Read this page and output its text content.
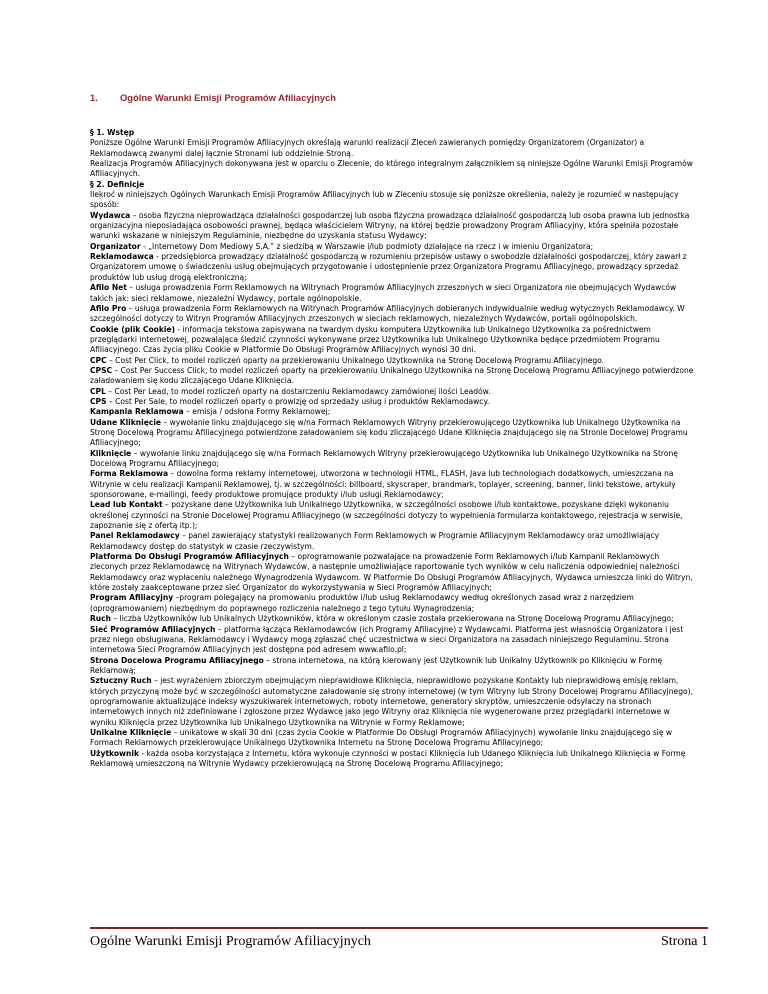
1. Ogólne Warunki Emisji Programów Afiliacyjnych

§ 1. Wstęp

Poniższe Ogólne Warunki Emisji Programów Afiliacyjnych określają warunki realizacji Zleceń zawieranych pomiędzy Organizatorem (Organizator) a Reklamodawcą zwanymi dalej łącznie Stronami lub oddzielnie Stroną.

Realizacja Programów Afiliacyjnych dokonywana jest w oparciu o Zlecenie, do którego integralnym załącznikiem są niniejsze Ogólne Warunki Emisji Programów Afiliacyjnych.

§ 2. Definicje

Ilekroć w niniejszych Ogólnych Warunkach Emisji Programów Afiliacyjnych lub w Zleceniu stosuje się poniższe określenia, należy je rozumieć w następujący sposób:

Wydawca – osoba fizyczna nieprowadząca działalności gospodarczej lub osoba fizyczna prowadząca działalność gospodarczą lub osoba prawna lub jednostka organizacyjna nieposiadająca osobowości prawnej, będąca właścicielem Witryny, na której będzie prowadzony Program Afiliacyjny, która spełniła pozostałe warunki wskazane w niniejszym Regulaminie, niezbędne do uzyskania statusu Wydawcy;

Organizator - „Internetowy Dom Mediowy S.A.” z siedzibą w Warszawie i/lub podmioty działające na rzecz i w imieniu Organizatora;

Reklamodawca - przedsiębiorca prowadzący działalność gospodarczą w rozumieniu przepisów ustawy o swobodzie działalności gospodarczej, który zawarł z Organizatorem umowę o świadczeniu usług obejmujących przygotowanie i udostępnienie przez Organizatora Programu Afiliacyjnego, prowadzący sprzedaż produktów lub usług drogą elektroniczną;

Afilo Net – usługa prowadzenia Form Reklamowych na Witrynach Programów Afiliacyjnych zrzeszonych w sieci Organizatora nie obejmujących Wydawców takich jak: sieci reklamowe, niezależni Wydawcy, portale ogólnopolskie.

Afilo Pro – usługa prowadzenia Form Reklamowych na Witrynach Programów Afiliacyjnych dobieranych indywidualnie według wytycznych Reklamodawcy. W szczególności dotyczy to Witryn Programów Afiliacyjnych zrzeszonych w sieciach reklamowych, niezależnych Wydawców, portali ogólnopolskich.

Cookie (plik Cookie) - informacja tekstowa zapisywana na twardym dysku komputera Użytkownika lub Unikalnego Użytkownika za pośrednictwem przeglądarki internetowej, pozwalająca śledzić czynności wykonywane przez Użytkownika lub Unikalnego Użytkownika będące przedmiotem Programu Afiliacyjnego. Czas życia pliku Cookie w Platformie Do Obsługi Programów Afiliacyjnych wynosi 30 dni.

CPC – Cost Per Click, to model rozliczeń oparty na przekierowaniu Unikalnego Użytkownika na Stronę Docelową Programu Afiliacyjnego.

CPSC – Cost Per Success Click, to model rozliczeń oparty na przekierowaniu Unikalnego Użytkownika na Stronę Docelową Programu Afiliacyjnego potwierdzone załadowaniem się kodu zliczającego Udane Kliknięcia.

CPL – Cost Per Lead, to model rozliczeń oparty na dostarczeniu Reklamodawcy zamówionej ilości Leadów.

CPS – Cost Per Sale, to model rozliczeń oparty o prowizję od sprzedaży usług i produktów Reklamodawcy.

Kampania Reklamowa – emisja / odsłona Formy Reklamowej;

Udane Kliknięcie – wywołanie linku znajdującego się w/na Formach Reklamowych Witryny przekierowującego Użytkownika lub Unikalnego Użytkownika na Stronę Docelową Programu Afiliacyjnego potwierdzone załadowaniem się kodu zliczającego Udane Kliknięcia znajdującego się na Stronie Docelowej Programu Afiliacyjnego;

Kliknięcie – wywołanie linku znajdującego się w/na Formach Reklamowych Witryny przekierowującego Użytkownika lub Unikalnego Użytkownika na Stronę Docelową Programu Afiliacyjnego;

Forma Reklamowa – dowolna forma reklamy internetowej, utworzona w technologii HTML, FLASH, Java lub technologiach dodatkowych, umieszczana na Witrynie w celu realizacji Kampanii Reklamowej, tj. w szczególności: billboard, skyscraper, brandmark, toplayer, screening, banner, linki tekstowe, artykuły sponsorowane, e-mailingi, feedy produktowe promujące produkty i/lub usługi Reklamodawcy;

Lead lub Kontakt – pozyskane dane Użytkownika lub Unikalnego Użytkownika, w szczególności osobowe i/lub kontaktowe, pozyskane dzięki wykonaniu określonej czynności na Stronie Docelowej Programu Afiliacyjnego (w szczególności dotyczy to wypełnienia formularza kontaktowego, rejestracja w serwisie, zapoznanie się z ofertą itp.);

Panel Reklamodawcy – panel zawierający statystyki realizowanych Form Reklamowych w Programie Afiliacyjnym Reklamodawcy oraz umożliwiający Reklamodawcy dostęp do statystyk w czasie rzeczywistym.

Platforma Do Obsługi Programów Afiliacyjnych – oprogramowanie pozwalające na prowadzenie Form Reklamowych i/lub Kampanii Reklamowych zleconych przez Reklamodawcę na Witrynach Wydawców, a następnie umożliwiające raportowanie tych wyników w celu naliczenia odpowiedniej należności Reklamodawcy oraz wypłaceniu należnego Wynagrodzenia Wydawcom. W Platformie Do Obsługi Programów Afiliacyjnych, Wydawca umieszcza linki do Witryn, które zostały zaakceptowane przez sieć Organizator do wykorzystywania w Sieci Programów Afiliacyjnych;

Program Afiliacyjny –program polegający na promowaniu produktów i/lub usług Reklamodawcy według określonych zasad wraz z narzędziem (oprogramowaniem) niezbędnym do poprawnego rozliczenia należnego z tego tytułu Wynagrodzenia;

Ruch – liczba Użytkowników lub Unikalnych Użytkowników, która w określonym czasie została przekierowana na Stronę Docelową Programu Afiliacyjnego;

Sieć Programów Afiliacyjnych – platforma łącząca Reklamodawców (ich Programy Afiliacyjne) z Wydawcami. Platforma jest własnością Organizatora i jest przez niego obsługiwana. Reklamodawcy i Wydawcy mogą zgłaszać chęć uczestnictwa w sieci Organizatora na zasadach niniejszego Regulaminu. Strona internetowa Sieci Programów Afiliacyjnych jest dostępna pod adresem www.afilo.pl;

Strona Docelowa Programu Afiliacyjnego – strona internetowa, na którą kierowany jest Użytkownik lub Unikalny Użytkownik po Kliknięciu w Formę Reklamową;

Sztuczny Ruch – jest wyrażeniem zbiorczym obejmującym nieprawidłowe Kliknięcia, nieprawidłowo pozyskane Kontakty lub nieprawidłową emisję reklam, których przyczyną może być w szczególności automatyczne załadowanie się strony internetowej (w tym Witryny lub Strony Docelowej Programu Afiliacyjnego), oprogramowanie aktualizujące indeksy wyszukiwarek internetowych, roboty internetowe, generatory skryptów, umieszczenie odsyłaczy na stronach internetowych innych niż zdefiniowane i zgłoszone przez Wydawcę jako jego Witryny oraz Kliknięcia nie wygenerowane przez przeglądarki internetowe w wyniku Kliknięcia przez Użytkownika lub Unikalnego Użytkownika na Witrynie w Formy Reklamowe;

Unikalne Kliknięcie – unikatowe w skali 30 dni (czas życia Cookie w Platformie Do Obsługi Programów Afiliacyjnych) wywołanie linku znajdującego się w Formach Reklamowych przekierowujące Unikalnego Użytkownika Internetu na Stronę Docelową Programu Afiliacyjnego;

Użytkownik - każda osoba korzystająca z Internetu, która wykonuje czynności w postaci Kliknięcia lub Udanego Kliknięcia lub Unikalnego Kliknięcia w Formę Reklamową umieszczoną na Witrynie Wydawcy przekierowującą na Stronę Docelową Programu Afiliacyjnego;

Ogólne Warunki Emisji Programów Afiliacyjnych	Strona 1
